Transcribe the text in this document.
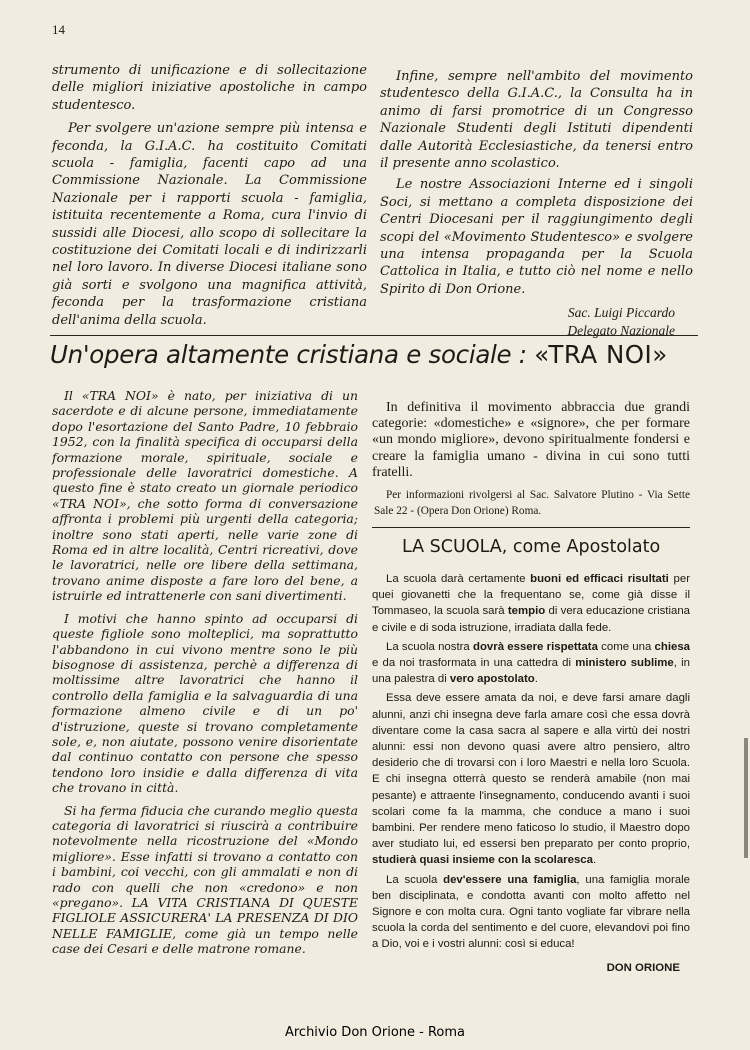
14

strumento di unificazione e di sollecitazione delle migliori iniziative apostoliche in campo studentesco.

Per svolgere un'azione sempre più intensa e feconda, la G.I.A.C. ha costituito Comitati scuola - famiglia, facenti capo ad una Commissione Nazionale. La Commissione Nazionale per i rapporti scuola - famiglia, istituita recentemente a Roma, cura l'invio di sussidi alle Diocesi, allo scopo di sollecitare la costituzione dei Comitati locali e di indirizzarli nel loro lavoro. In diverse Diocesi italiane sono già sorti e svolgono una magnifica attività, feconda per la trasformazione cristiana dell'anima della scuola.

Infine, sempre nell'ambito del movimento studentesco della G.I.A.C., la Consulta ha in animo di farsi promotrice di un Congresso Nazionale Studenti degli Istituti dipendenti dalle Autorità Ecclesiastiche, da tenersi entro il presente anno scolastico.

Le nostre Associazioni Interne ed i singoli Soci, si mettano a completa disposizione dei Centri Diocesani per il raggiungimento degli scopi del «Movimento Studentesco» e svolgere una intensa propaganda per la Scuola Cattolica in Italia, e tutto ciò nel nome e nello Spirito di Don Orione.

Sac. Luigi Piccardo
Delegato Nazionale
Un'opera altamente cristiana e sociale : «TRA NOI»

Il «TRA NOI» è nato, per iniziativa di un sacerdote e di alcune persone, immediatamente dopo l'esortazione del Santo Padre, 10 febbraio 1952, con la finalità specifica di occuparsi della formazione morale, spirituale, sociale e professionale delle lavoratrici domestiche. A questo fine è stato creato un giornale periodico «TRA NOI», che sotto forma di conversazione affronta i problemi più urgenti della categoria; inoltre sono stati aperti, nelle varie zone di Roma ed in altre località, Centri ricreativi, dove le lavoratrici, nelle ore libere della settimana, trovano anime disposte a fare loro del bene, a istruirle ed intrattenerle con sani divertimenti.

I motivi che hanno spinto ad occuparsi di queste figliole sono molteplici, ma soprattutto l'abbandono in cui vivono mentre sono le più bisognose di assistenza, perchè a differenza di moltissime altre lavoratrici che hanno il controllo della famiglia e la salvaguardia di una formazione almeno civile e di un po' d'istruzione, queste si trovano completamente sole, e, non aiutate, possono venire disorientate dal continuo contatto con persone che spesso tendono loro insidie e dalla differenza di vita che trovano in città.

Si ha ferma fiducia che curando meglio questa categoria di lavoratrici si riuscirà a contribuire notevolmente nella ricostruzione del «Mondo migliore». Esse infatti si trovano a contatto con i bambini, coi vecchi, con gli ammalati e non di rado con quelli che non «credono» e non «pregano». LA VITA CRISTIANA DI QUESTE FIGLIOLE ASSICURERA' LA PRESENZA DI DIO NELLE FAMIGLIE, come già un tempo nelle case dei Cesari e delle matrone romane.

In definitiva il movimento abbraccia due grandi categorie: «domestiche» e «signore», che per formare «un mondo migliore», devono spiritualmente fondersi e creare la famiglia umano - divina in cui sono tutti fratelli.

Per informazioni rivolgersi al Sac. Salvatore Plutino - Via Sette Sale 22 - (Opera Don Orione) Roma.
LA SCUOLA, come Apostolato

La scuola darà certamente buoni ed efficaci risultati per quei giovanetti che la frequentano se, come già disse il Tommaseo, la scuola sarà tempio di vera educazione cristiana e civile e di soda istruzione, irradiata dalla fede.

La scuola nostra dovrà essere rispettata come una chiesa e da noi trasformata in una cattedra di ministero sublime, in una palestra di vero apostolato.

Essa deve essere amata da noi, e deve farsi amare dagli alunni, anzi chi insegna deve farla amare così che essa dovrà diventare come la casa sacra al sapere e alla virtù dei nostri alunni: essi non devono quasi avere altro pensiero, altro desiderio che di trovarsi con i loro Maestri e nella loro Scuola. E chi insegna otterrà questo se renderà amabile (non mai pesante) e attraente l'insegnamento, conducendo avanti i suoi scolari come fa la mamma, che conduce a mano i suoi bambini. Per rendere meno faticoso lo studio, il Maestro dopo aver studiato lui, ed essersi ben preparato per conto proprio, studierà quasi insieme con la scolaresca.

La scuola dev'essere una famiglia, una famiglia morale ben disciplinata, e condotta avanti con molto affetto nel Signore e con molta cura. Ogni tanto vogliate far vibrare nella scuola la corda del sentimento e del cuore, elevandovi poi fino a Dio, voi e i vostri alunni: così si educa!

DON ORIONE
Archivio Don Orione - Roma
